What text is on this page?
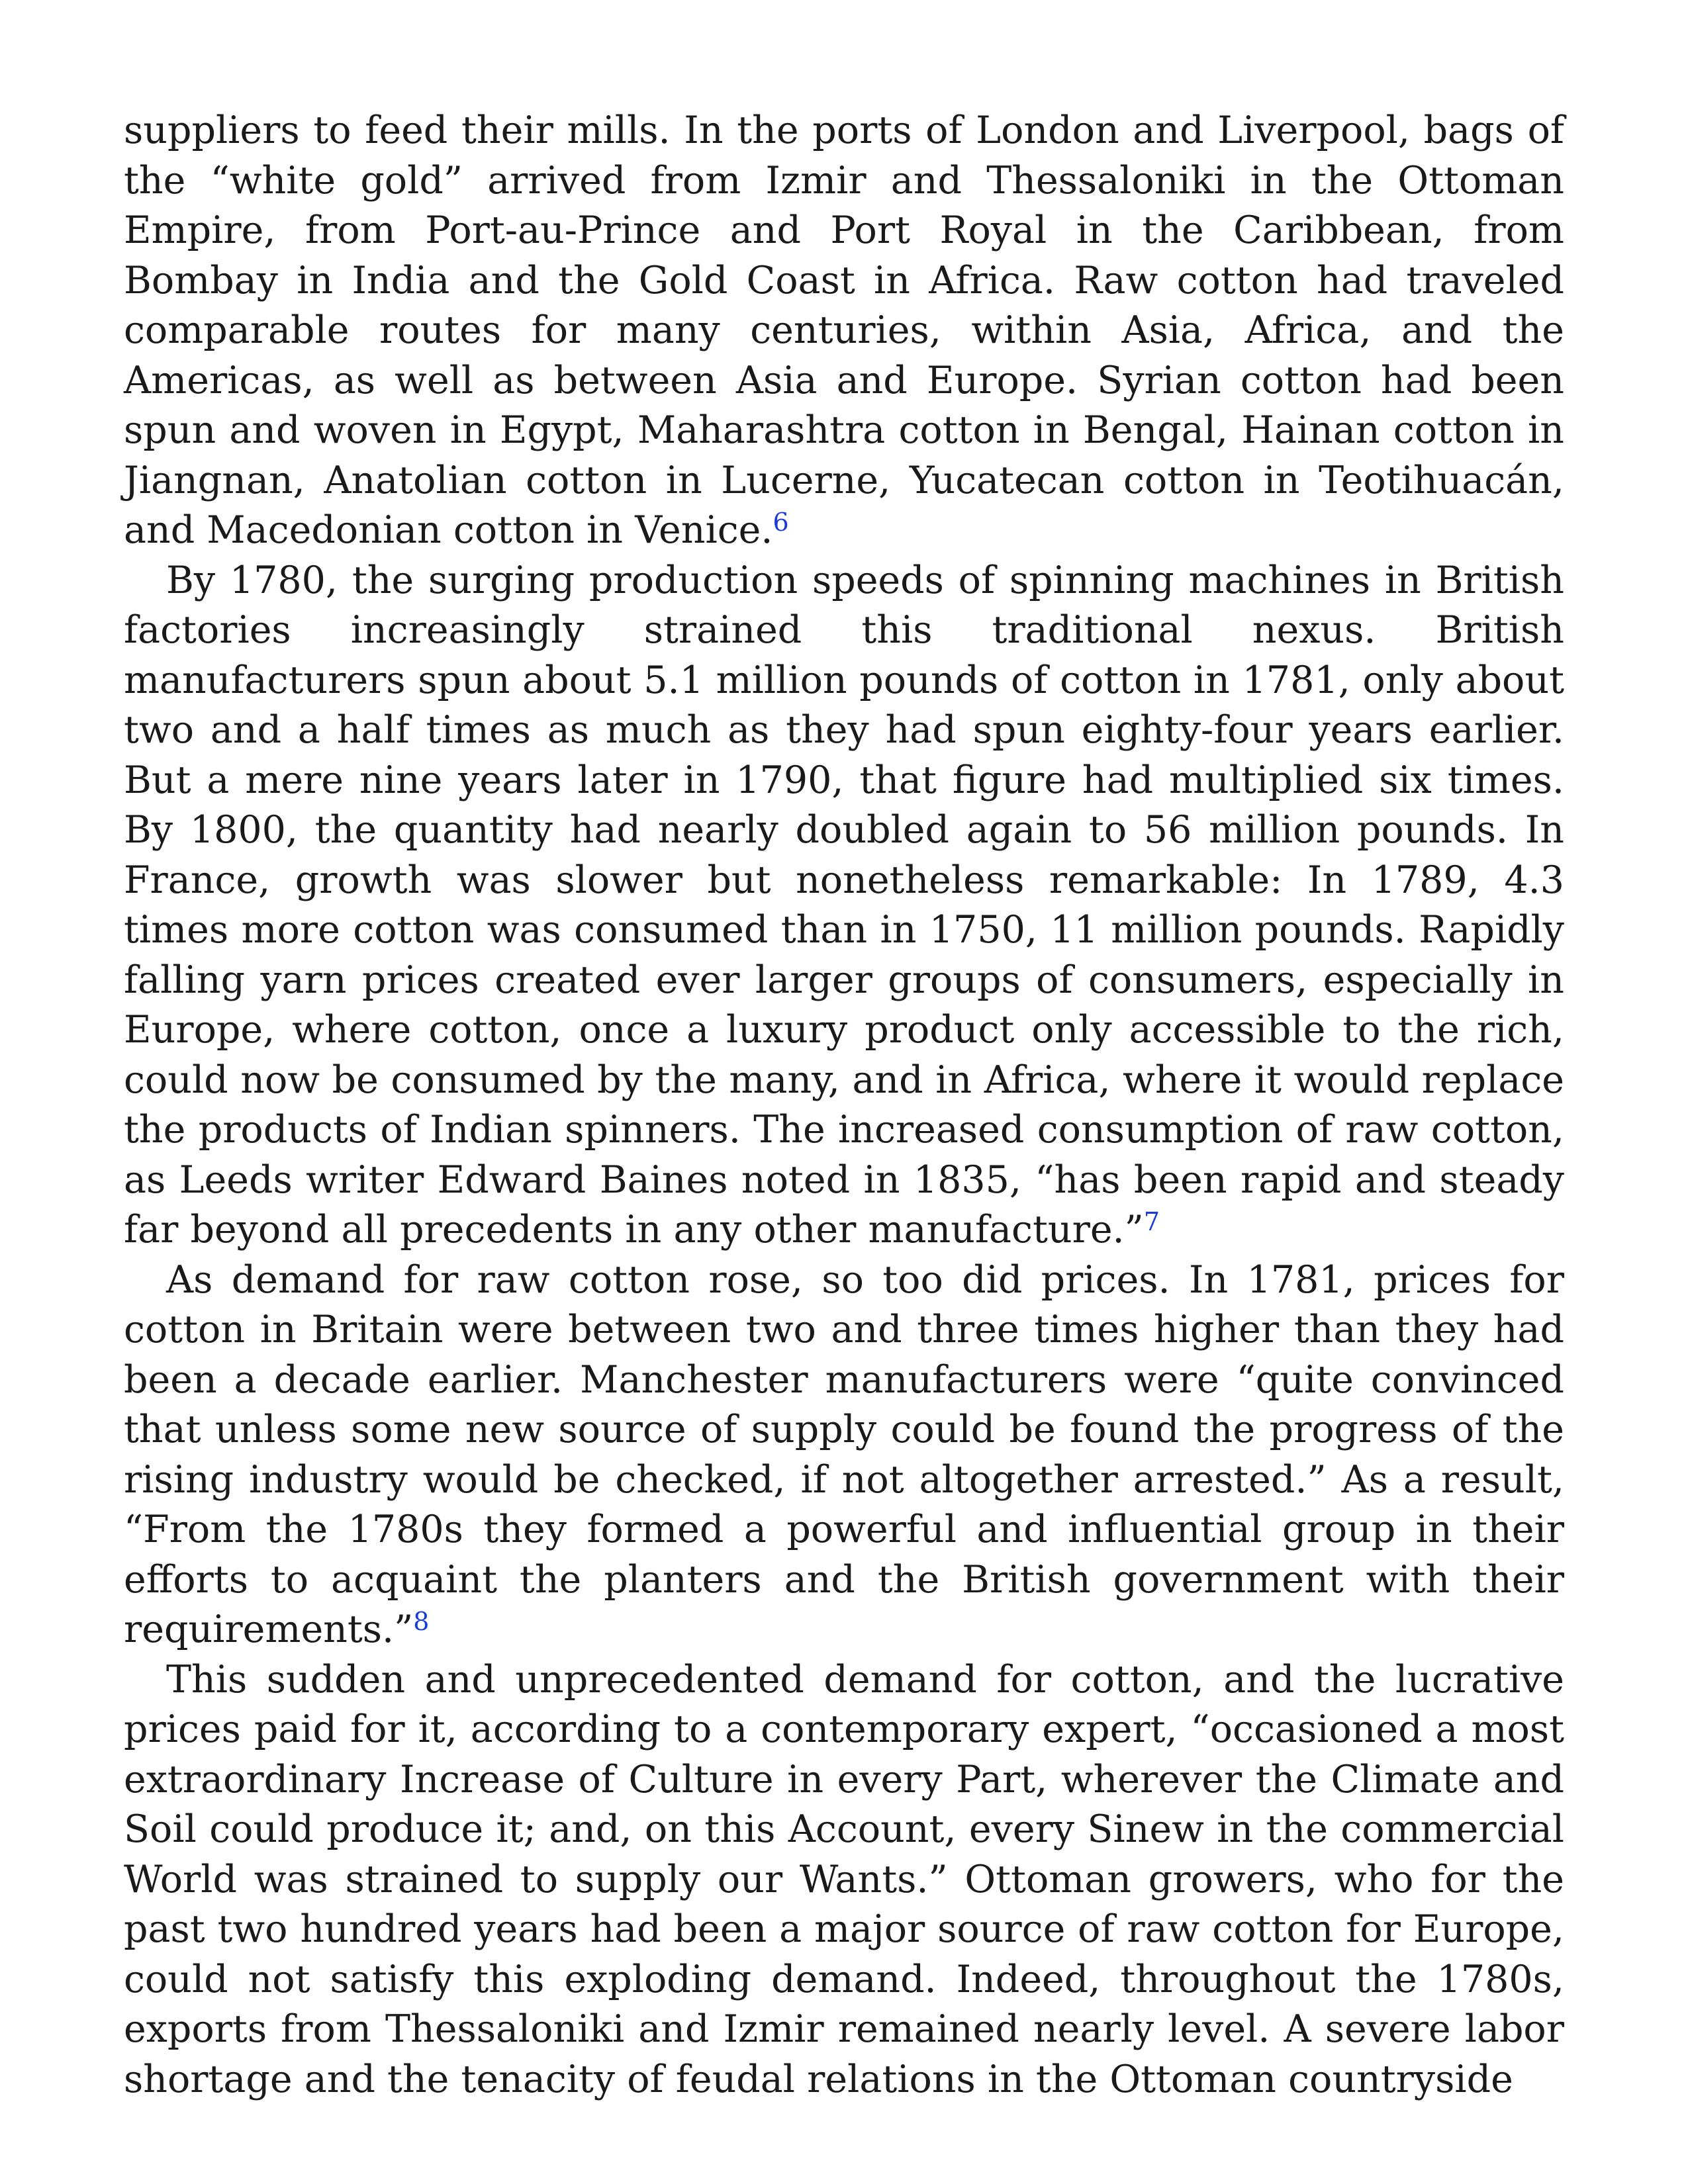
suppliers to feed their mills. In the ports of London and Liverpool, bags of the “white gold” arrived from Izmir and Thessaloniki in the Ottoman Empire, from Port-au-Prince and Port Royal in the Caribbean, from Bombay in India and the Gold Coast in Africa. Raw cotton had traveled comparable routes for many centuries, within Asia, Africa, and the Americas, as well as between Asia and Europe. Syrian cotton had been spun and woven in Egypt, Maharashtra cotton in Bengal, Hainan cotton in Jiangnan, Anatolian cotton in Lucerne, Yucatecan cotton in Teotihuacán, and Macedonian cotton in Venice.$^6$

By 1780, the surging production speeds of spinning machines in British factories increasingly strained this traditional nexus. British manufacturers spun about 5.1 million pounds of cotton in 1781, only about two and a half times as much as they had spun eighty-four years earlier. But a mere nine years later in 1790, that figure had multiplied six times. By 1800, the quantity had nearly doubled again to 56 million pounds. In France, growth was slower but nonetheless remarkable: In 1789, 4.3 times more cotton was consumed than in 1750, 11 million pounds. Rapidly falling yarn prices created ever larger groups of consumers, especially in Europe, where cotton, once a luxury product only accessible to the rich, could now be consumed by the many, and in Africa, where it would replace the products of Indian spinners. The increased consumption of raw cotton, as Leeds writer Edward Baines noted in 1835, “has been rapid and steady far beyond all precedents in any other manufacture.”$^7$

As demand for raw cotton rose, so too did prices. In 1781, prices for cotton in Britain were between two and three times higher than they had been a decade earlier. Manchester manufacturers were “quite convinced that unless some new source of supply could be found the progress of the rising industry would be checked, if not altogether arrested.” As a result, “From the 1780s they formed a powerful and influential group in their efforts to acquaint the planters and the British government with their requirements.”$^8$

This sudden and unprecedented demand for cotton, and the lucrative prices paid for it, according to a contemporary expert, “occasioned a most extraordinary Increase of Culture in every Part, wherever the Climate and Soil could produce it; and, on this Account, every Sinew in the commercial World was strained to supply our Wants.” Ottoman growers, who for the past two hundred years had been a major source of raw cotton for Europe, could not satisfy this exploding demand. Indeed, throughout the 1780s, exports from Thessaloniki and Izmir remained nearly level. A severe labor shortage and the tenacity of feudal relations in the Ottoman countryside
